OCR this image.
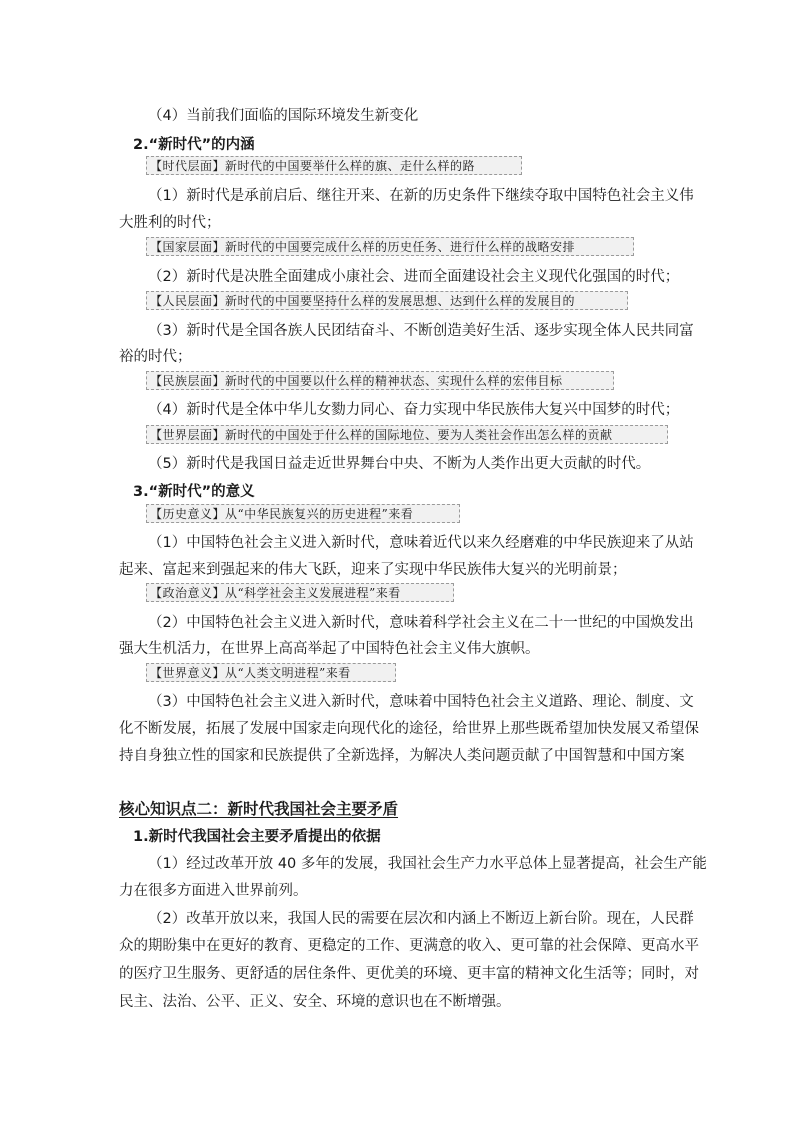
（4）当前我们面临的国际环境发生新变化
2.“新时代”的内涵
【时代层面】新时代的中国要举什么样的旗、走什么样的路
（1）新时代是承前启后、继往开来、在新的历史条件下继续夺取中国特色社会主义伟
大胜利的时代；
【国家层面】新时代的中国要完成什么样的历史任务、进行什么样的战略安排
（2）新时代是决胜全面建成小康社会、进而全面建设社会主义现代化强国的时代；
【人民层面】新时代的中国要坚持什么样的发展思想、达到什么样的发展目的
（3）新时代是全国各族人民团结奋斗、不断创造美好生活、逐步实现全体人民共同富
裕的时代；
【民族层面】新时代的中国要以什么样的精神状态、实现什么样的宏伟目标
（4）新时代是全体中华儿女勠力同心、奋力实现中华民族伟大复兴中国梦的时代；
【世界层面】新时代的中国处于什么样的国际地位、要为人类社会作出怎么样的贡献
（5）新时代是我国日益走近世界舞台中央、不断为人类作出更大贡献的时代。
3.“新时代”的意义
【历史意义】从“中华民族复兴的历史进程”来看
（1）中国特色社会主义进入新时代，意味着近代以来久经磨难的中华民族迎来了从站
起来、富起来到强起来的伟大飞跃，迎来了实现中华民族伟大复兴的光明前景；
【政治意义】从“科学社会主义发展进程”来看
（2）中国特色社会主义进入新时代，意味着科学社会主义在二十一世纪的中国焕发出
强大生机活力，在世界上高高举起了中国特色社会主义伟大旗帜。
【世界意义】从“人类文明进程”来看
（3）中国特色社会主义进入新时代，意味着中国特色社会主义道路、理论、制度、文
化不断发展，拓展了发展中国家走向现代化的途径，给世界上那些既希望加快发展又希望保
持自身独立性的国家和民族提供了全新选择，为解决人类问题贡献了中国智慧和中国方案
核心知识点二：新时代我国社会主要矛盾
1.新时代我国社会主要矛盾提出的依据
（1）经过改革开放 40 多年的发展，我国社会生产力水平总体上显著提高，社会生产能
力在很多方面进入世界前列。
（2）改革开放以来，我国人民的需要在层次和内涵上不断迈上新台阶。现在，人民群
众的期盼集中在更好的教育、更稳定的工作、更满意的收入、更可靠的社会保障、更高水平
的医疗卫生服务、更舒适的居住条件、更优美的环境、更丰富的精神文化生活等；同时，对
民主、法治、公平、正义、安全、环境的意识也在不断增强。
